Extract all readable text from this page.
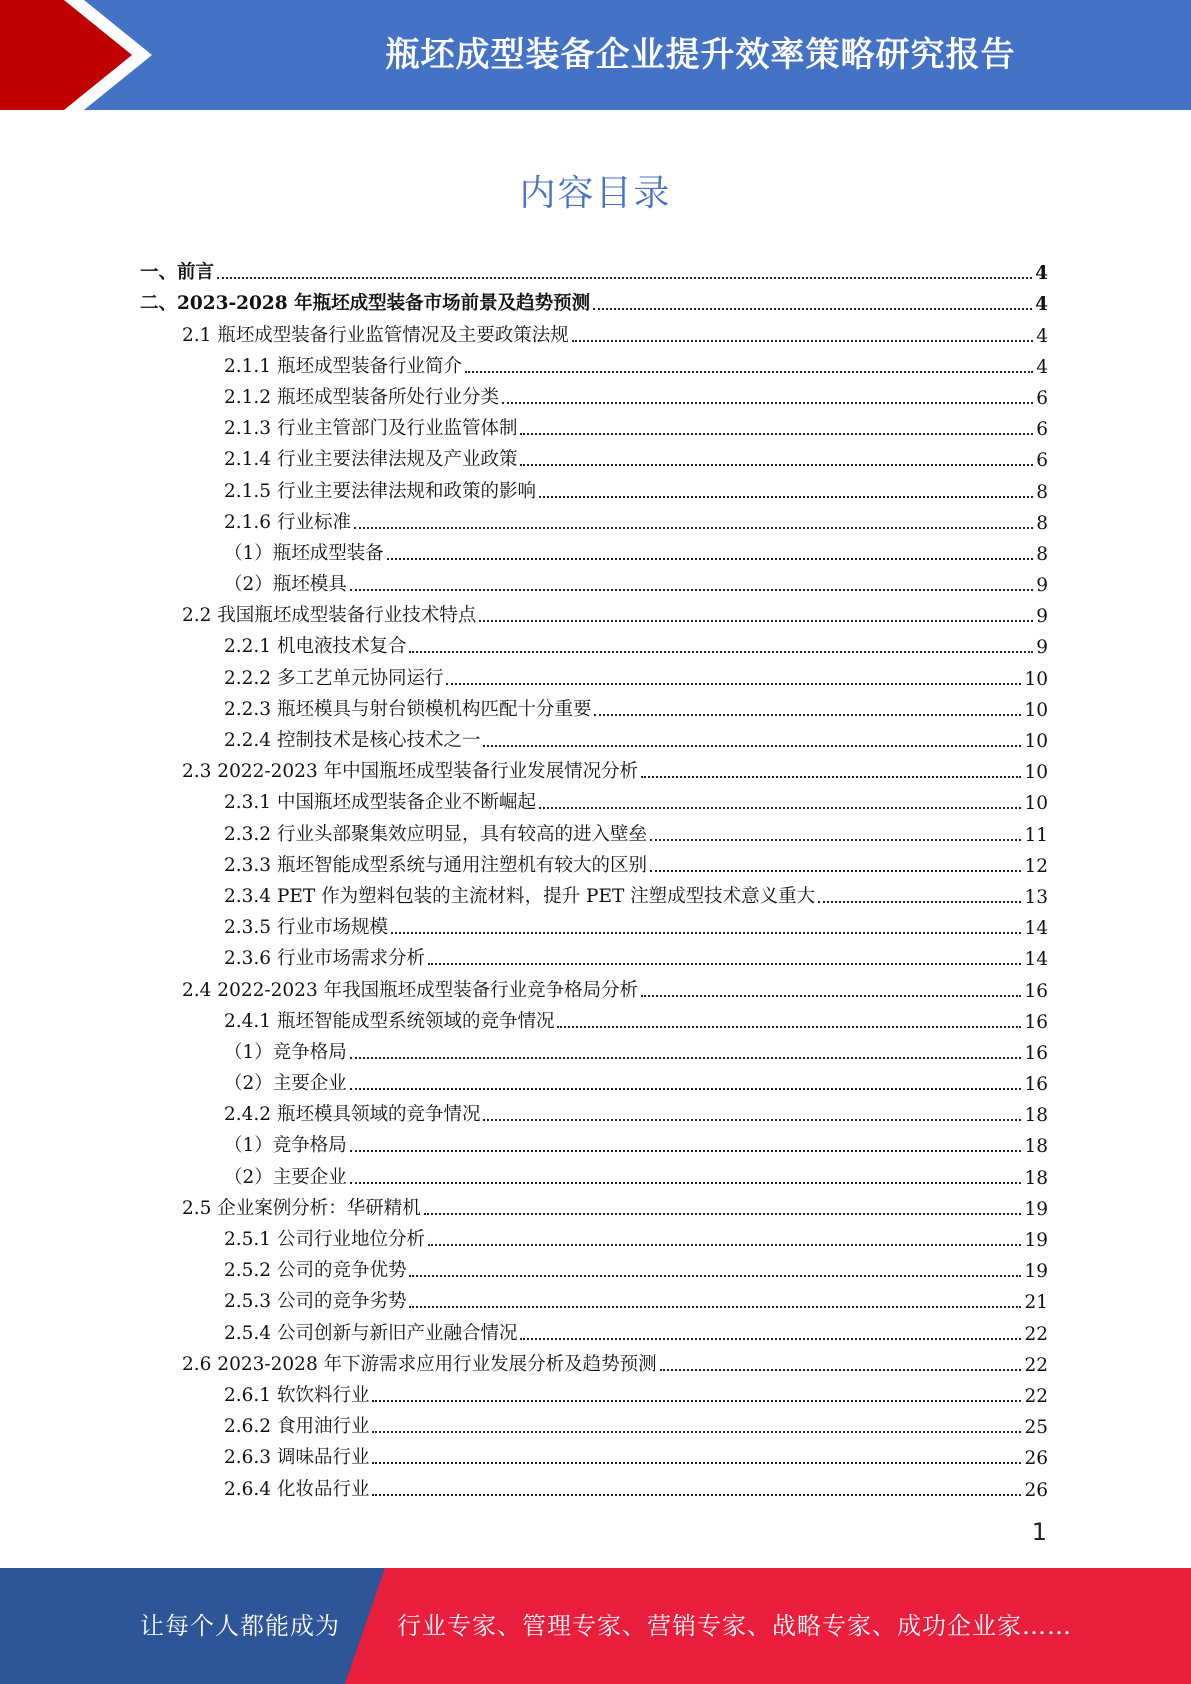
瓶坯成型装备企业提升效率策略研究报告
内容目录
一、前言	4
二、2023-2028 年瓶坯成型装备市场前景及趋势预测	4
2.1 瓶坯成型装备行业监管情况及主要政策法规	4
2.1.1 瓶坯成型装备行业简介	4
2.1.2 瓶坯成型装备所处行业分类	6
2.1.3 行业主管部门及行业监管体制	6
2.1.4 行业主要法律法规及产业政策	6
2.1.5 行业主要法律法规和政策的影响	8
2.1.6 行业标准	8
（1）瓶坯成型装备	8
（2）瓶坯模具	9
2.2 我国瓶坯成型装备行业技术特点	9
2.2.1 机电液技术复合	9
2.2.2 多工艺单元协同运行	10
2.2.3 瓶坯模具与射台锁模机构匹配十分重要	10
2.2.4 控制技术是核心技术之一	10
2.3 2022-2023 年中国瓶坯成型装备行业发展情况分析	10
2.3.1 中国瓶坯成型装备企业不断崛起	10
2.3.2 行业头部聚集效应明显，具有较高的进入壁垒	11
2.3.3 瓶坯智能成型系统与通用注塑机有较大的区别	12
2.3.4 PET 作为塑料包装的主流材料，提升 PET 注塑成型技术意义重大	13
2.3.5 行业市场规模	14
2.3.6 行业市场需求分析	14
2.4 2022-2023 年我国瓶坯成型装备行业竞争格局分析	16
2.4.1 瓶坯智能成型系统领域的竞争情况	16
（1）竞争格局	16
（2）主要企业	16
2.4.2 瓶坯模具领域的竞争情况	18
（1）竞争格局	18
（2）主要企业	18
2.5 企业案例分析：华研精机	19
2.5.1 公司行业地位分析	19
2.5.2 公司的竞争优势	19
2.5.3 公司的竞争劣势	21
2.5.4 公司创新与新旧产业融合情况	22
2.6 2023-2028 年下游需求应用行业发展分析及趋势预测	22
2.6.1 软饮料行业	22
2.6.2 食用油行业	25
2.6.3 调味品行业	26
2.6.4 化妆品行业	26
1
让每个人都能成为 行业专家、管理专家、营销专家、战略专家、成功企业家……
